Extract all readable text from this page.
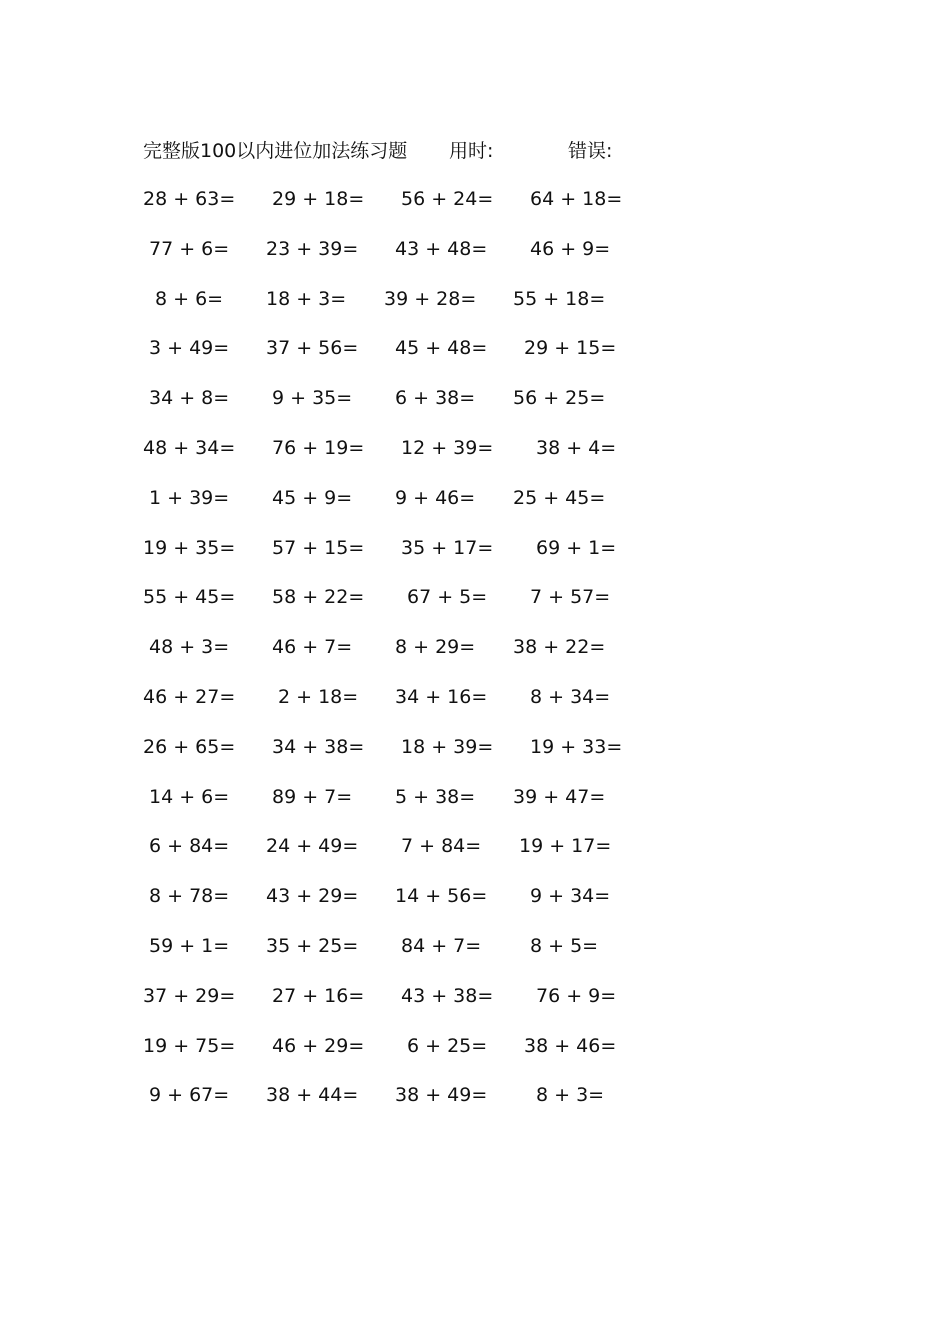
完整版100以内进位加法练习题 用时:	错误:
28 + 63= 29 + 18= 56 + 24= 64 + 18=
77 + 6= 23 + 39= 43 + 48= 46 + 9=
8 + 6= 18 + 3= 39 + 28= 55 + 18=
3 + 49= 37 + 56= 45 + 48= 29 + 15=
34 + 8= 9 + 35= 6 + 38= 56 + 25=
48 + 34= 76 + 19= 12 + 39= 38 + 4=
1 + 39= 45 + 9= 9 + 46= 25 + 45=
19 + 35= 57 + 15= 35 + 17= 69 + 1=
55 + 45= 58 + 22= 67 + 5= 7 + 57=
48 + 3= 46 + 7= 8 + 29= 38 + 22=
46 + 27= 2 + 18= 34 + 16= 8 + 34=
26 + 65= 34 + 38= 18 + 39= 19 + 33=
14 + 6= 89 + 7= 5 + 38= 39 + 47=
6 + 84= 24 + 49= 7 + 84= 19 + 17=
8 + 78= 43 + 29= 14 + 56= 9 + 34=
59 + 1= 35 + 25= 84 + 7=	8 + 5=
37 + 29= 27 + 16= 43 + 38= 76 + 9=
19 + 75= 46 + 29= 6 + 25= 38 + 46=
9 + 67= 38 + 44= 38 + 49=	8 + 3=
